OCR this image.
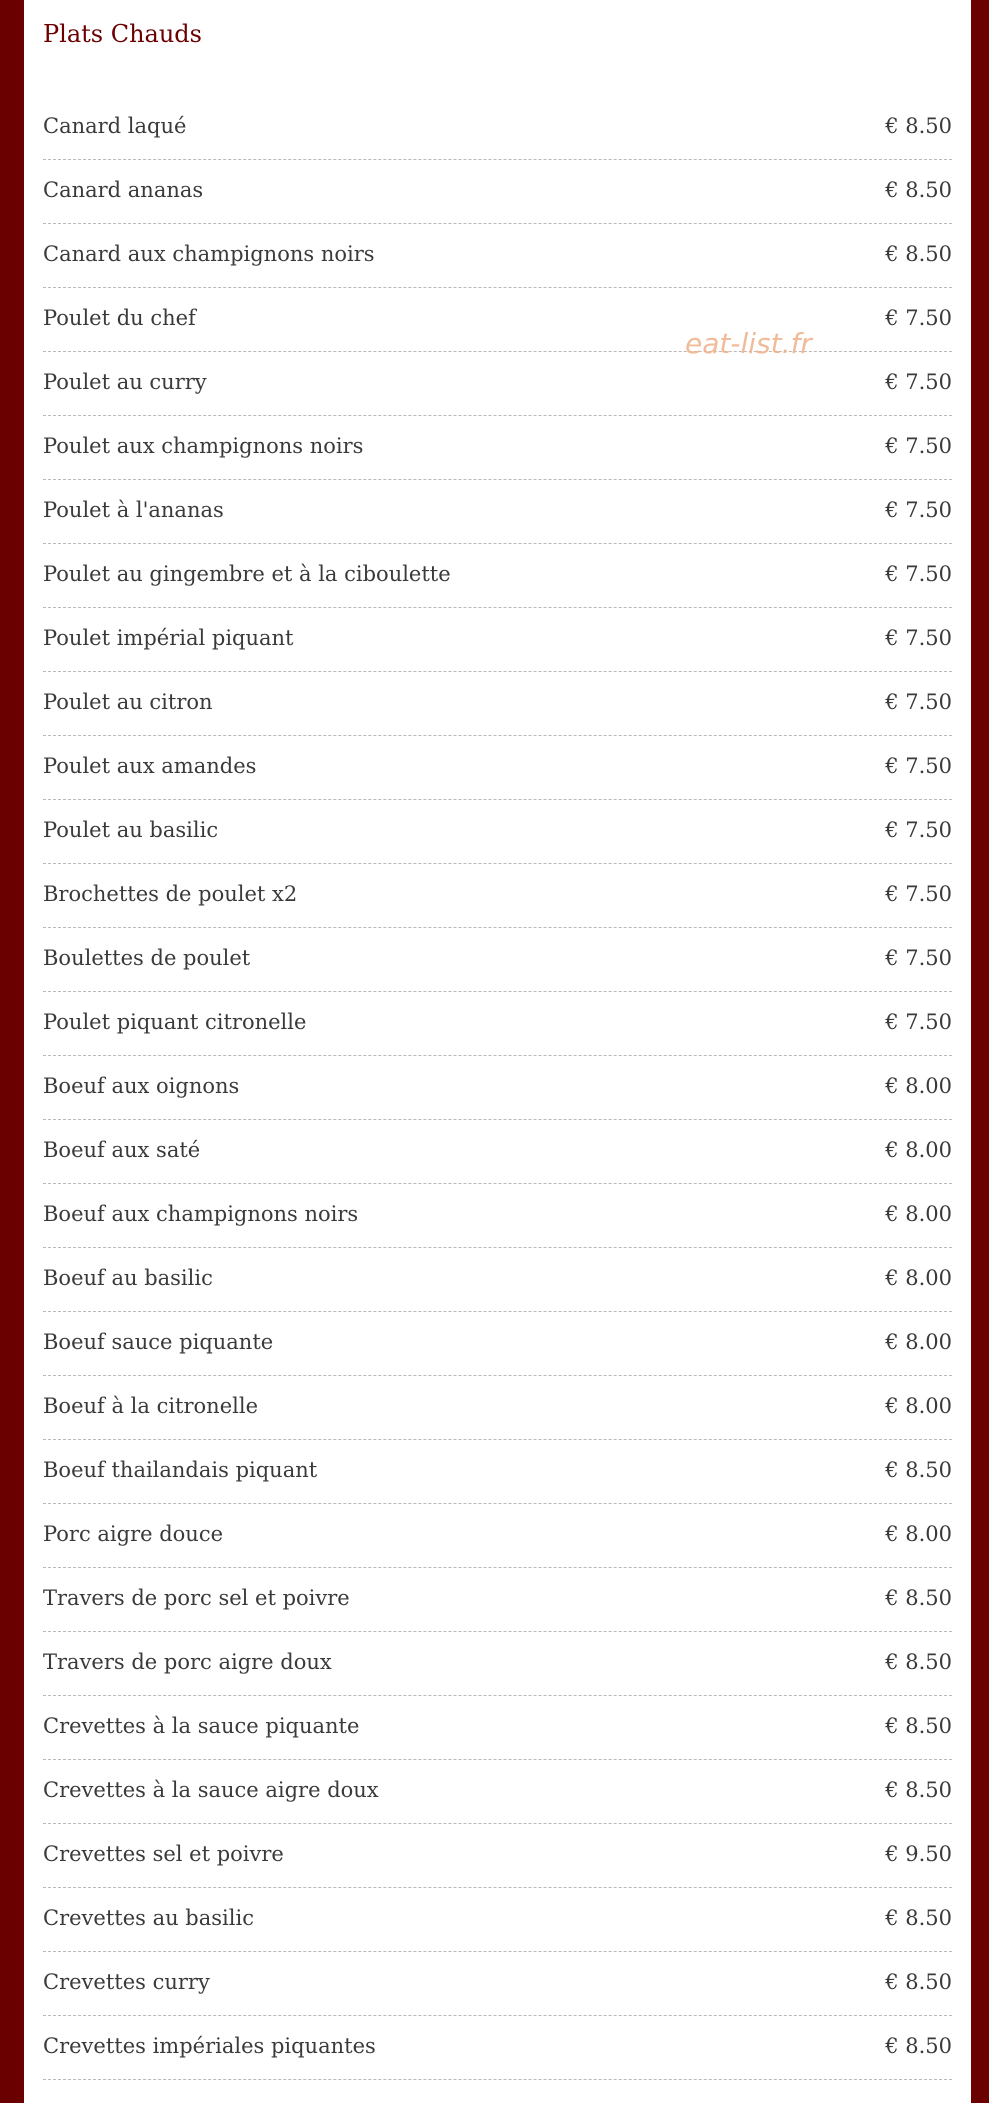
Plats Chauds
Canard laqué	€ 8.50
Canard ananas	€ 8.50
Canard aux champignons noirs	€ 8.50
Poulet du chef	€ 7.50
Poulet au curry	€ 7.50
Poulet aux champignons noirs	€ 7.50
Poulet à l'ananas	€ 7.50
Poulet au gingembre et à la ciboulette	€ 7.50
Poulet impérial piquant	€ 7.50
Poulet au citron	€ 7.50
Poulet aux amandes	€ 7.50
Poulet au basilic	€ 7.50
Brochettes de poulet x2	€ 7.50
Boulettes de poulet	€ 7.50
Poulet piquant citronelle	€ 7.50
Boeuf aux oignons	€ 8.00
Boeuf aux saté	€ 8.00
Boeuf aux champignons noirs	€ 8.00
Boeuf au basilic	€ 8.00
Boeuf sauce piquante	€ 8.00
Boeuf à la citronelle	€ 8.00
Boeuf thailandais piquant	€ 8.50
Porc aigre douce	€ 8.00
Travers de porc sel et poivre	€ 8.50
Travers de porc aigre doux	€ 8.50
Crevettes à la sauce piquante	€ 8.50
Crevettes à la sauce aigre doux	€ 8.50
Crevettes sel et poivre	€ 9.50
Crevettes au basilic	€ 8.50
Crevettes curry	€ 8.50
Crevettes impériales piquantes	€ 8.50
eat-list.fr
